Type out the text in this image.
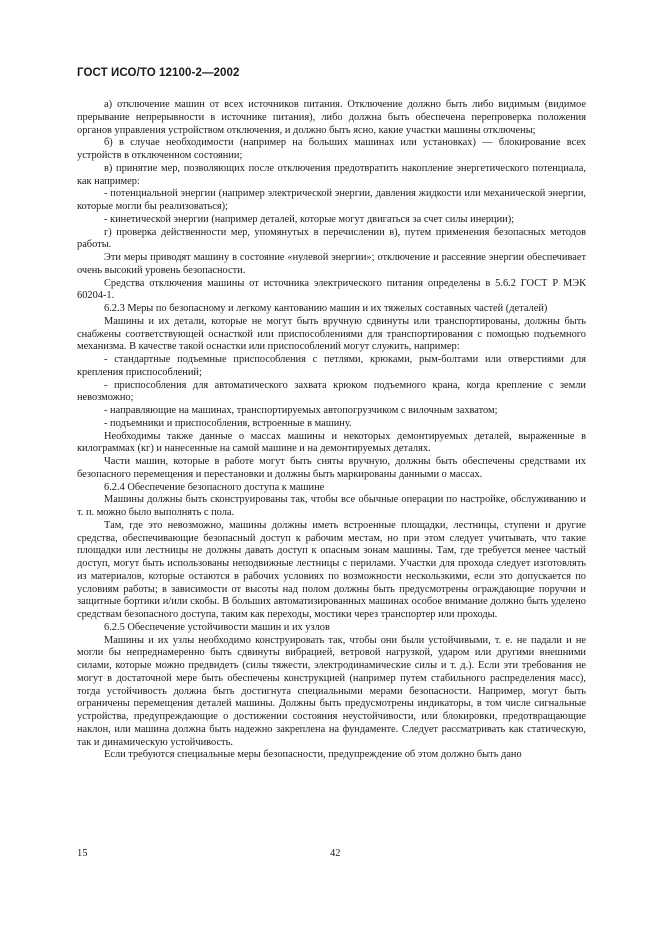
ГОСТ ИСО/ТО 12100-2—2002

а) отключение машин от всех источников питания. Отключение должно быть либо видимым (видимое прерывание непрерывности в источнике питания), либо должна быть обеспечена перепроверка положения органов управления устройством отключения, и должно быть ясно, какие участки машины отключены;

б) в случае необходимости (например на больших машинах или установках) — блокирование всех устройств в отключенном состоянии;

в) принятие мер, позволяющих после отключения предотвратить накопление энергетического потенциала, как например:

- потенциальной энергии (например электрической энергии, давления жидкости или механической энергии, которые могли бы реализоваться);

- кинетической энергии (например деталей, которые могут двигаться за счет силы инерции);

г) проверка действенности мер, упомянутых в перечислении в), путем применения безопасных методов работы.

Эти меры приводят машину в состояние «нулевой энергии»; отключение и рассеяние энергии обеспечивает очень высокий уровень безопасности.

Средства отключения машины от источника электрического питания определены в 5.6.2 ГОСТ Р МЭК 60204-1.

6.2.3 Меры по безопасному и легкому кантованию машин и их тяжелых составных частей (деталей)

Машины и их детали, которые не могут быть вручную сдвинуты или транспортированы, должны быть снабжены соответствующей оснасткой или приспособлениями для транспортирования с помощью подъемного механизма. В качестве такой оснастки или приспособлений могут служить, например:

- стандартные подъемные приспособления с петлями, крюками, рым-болтами или отверстиями для крепления приспособлений;

- приспособления для автоматического захвата крюком подъемного крана, когда крепление с земли невозможно;

- направляющие на машинах, транспортируемых автопогрузчиком с вилочным захватом;

- подъемники и приспособления, встроенные в машину.

Необходимы также данные о массах машины и некоторых демонтируемых деталей, выраженные в килограммах (кг) и нанесенные на самой машине и на демонтируемых деталях.

Части машин, которые в работе могут быть сняты вручную, должны быть обеспечены средствами их безопасного перемещения и перестановки и должны быть маркированы данными о массах.

6.2.4 Обеспечение безопасного доступа к машине

Машины должны быть сконструированы так, чтобы все обычные операции по настройке, обслуживанию и т. п. можно было выполнять с пола.

Там, где это невозможно, машины должны иметь встроенные площадки, лестницы, ступени и другие средства, обеспечивающие безопасный доступ к рабочим местам, но при этом следует учитывать, что такие площадки или лестницы не должны давать доступ к опасным зонам машины. Там, где требуется менее частый доступ, могут быть использованы неподвижные лестницы с перилами. Участки для прохода следует изготовлять из материалов, которые остаются в рабочих условиях по возможности нескользкими, если это допускается по условиям работы; в зависимости от высоты над полом должны быть предусмотрены ограждающие поручни и защитные бортики и/или скобы. В больших автоматизированных машинах особое внимание должно быть уделено средствам безопасного доступа, таким как переходы, мостики через транспортер или проходы.

6.2.5 Обеспечение устойчивости машин и их узлов

Машины и их узлы необходимо конструировать так, чтобы они были устойчивыми, т. е. не падали и не могли бы непреднамеренно быть сдвинуты вибрацией, ветровой нагрузкой, ударом или другими внешними силами, которые можно предвидеть (силы тяжести, электродинамические силы и т. д.). Если эти требования не могут в достаточной мере быть обеспечены конструкцией (например путем стабильного распределения масс), тогда устойчивость должна быть достигнута специальными мерами безопасности. Например, могут быть ограничены перемещения деталей машины. Должны быть предусмотрены индикаторы, в том числе сигнальные устройства, предупреждающие о достижении состояния неустойчивости, или блокировки, предотвращающие наклон, или машина должна быть надежно закреплена на фундаменте. Следует рассматривать как статическую, так и динамическую устойчивость.

Если требуются специальные меры безопасности, предупреждение об этом должно быть дано

15	42
